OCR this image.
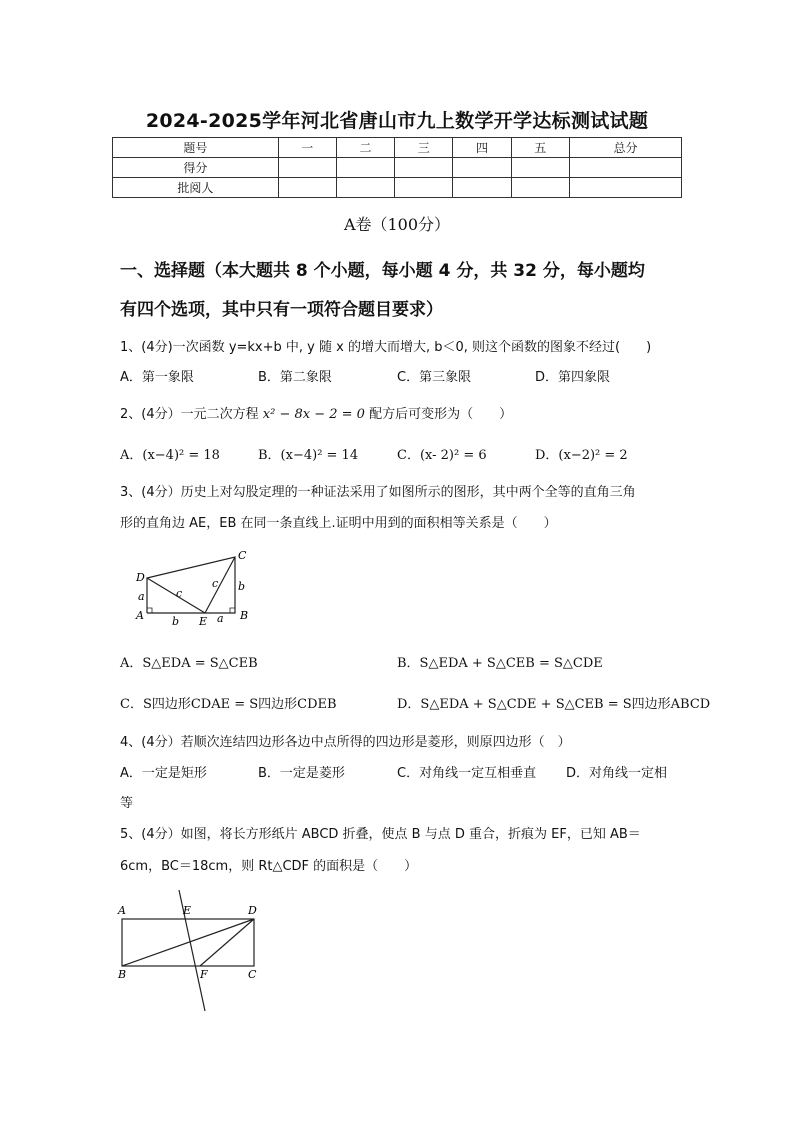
2024-2025学年河北省唐山市九上数学开学达标测试试题
题号	一	二	三	四	五	总分
得分						
批阅人						
A卷（100分）
一、选择题（本大题共 8 个小题，每小题 4 分，共 32 分，每小题均
有四个选项，其中只有一项符合题目要求）
1、(4分)一次函数 y=kx+b 中, y 随 x 的增大而增大, b＜0, 则这个函数的图象不经过(　　)
A．第一象限	B．第二象限	C．第三象限	D．第四象限
2、(4分）一元二次方程 x² − 8x − 2 = 0 配方后可变形为（　　）
A．(x−4)² = 18	B．(x−4)² = 14	C．(x- 2)² = 6	D．(x−2)² = 2
3、(4分）历史上对勾股定理的一种证法采用了如图所示的图形，其中两个全等的直角三角
形的直角边 AE，EB 在同一条直线上.证明中用到的面积相等关系是（　　）
D
C
A	B
E
a
b
c
c b
a
A．S△EDA = S△CEB	B．S△EDA + S△CEB = S△CDE
C．S四边形CDAE = S四边形CDEB	D．S△EDA + S△CDE + S△CEB = S四边形ABCD
4、(4分）若顺次连结四边形各边中点所得的四边形是菱形，则原四边形（　）
A．一定是矩形	B．一定是菱形	C．对角线一定互相垂直 D．对角线一定相
等
5、(4分）如图，将长方形纸片 ABCD 折叠，使点 B 与点 D 重合，折痕为 EF，已知 AB＝
6cm，BC＝18cm，则 Rt△CDF 的面积是（　　）
A	E	D
B	F	C
